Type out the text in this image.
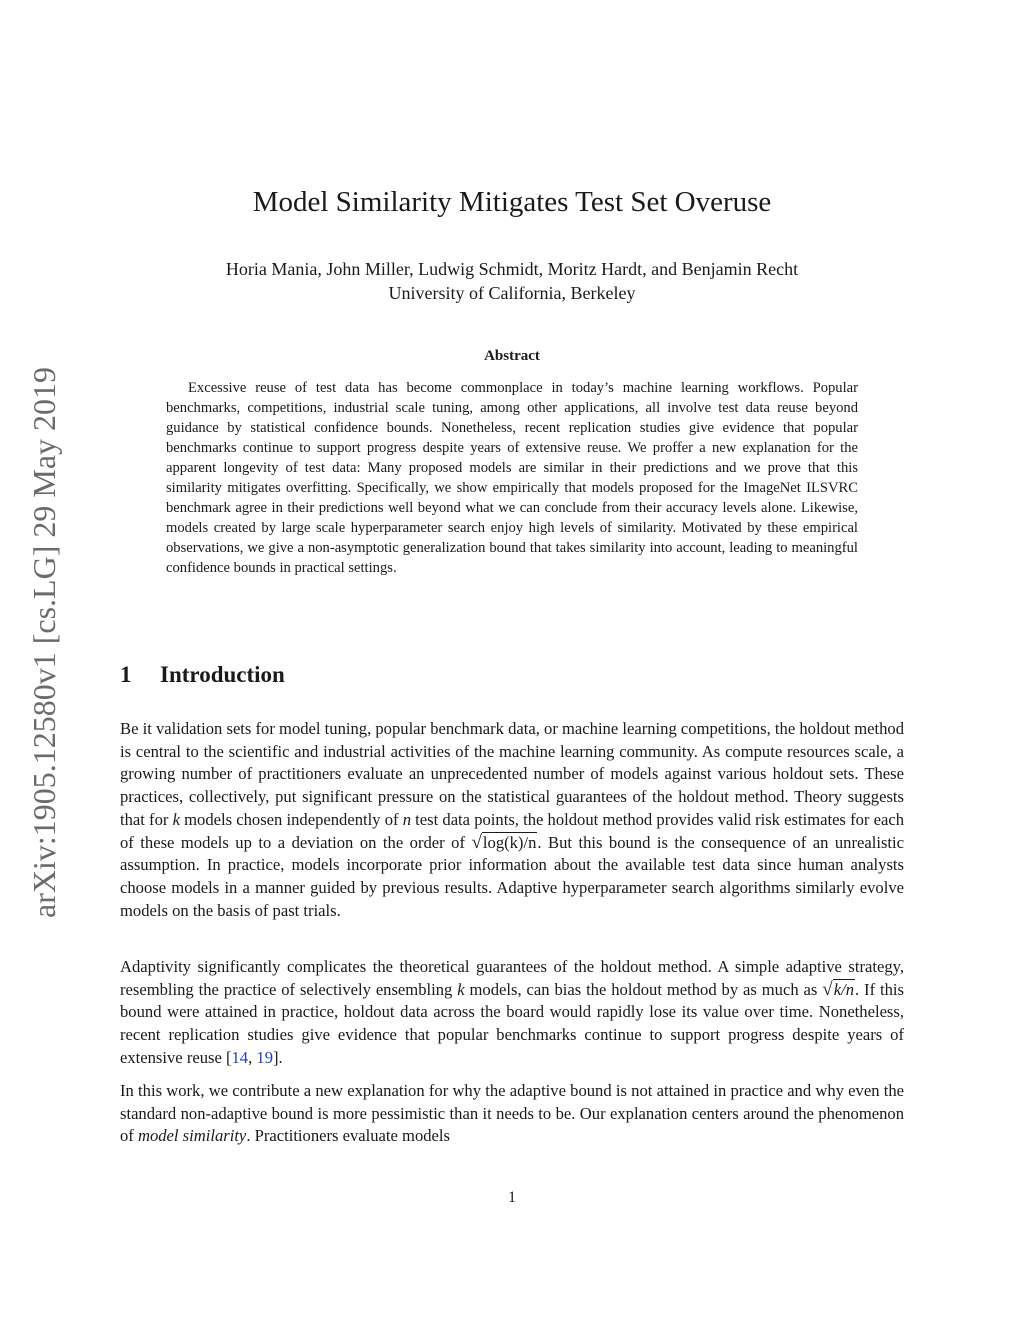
arXiv:1905.12580v1 [cs.LG] 29 May 2019
Model Similarity Mitigates Test Set Overuse
Horia Mania, John Miller, Ludwig Schmidt, Moritz Hardt, and Benjamin Recht
University of California, Berkeley
Abstract

Excessive reuse of test data has become commonplace in today’s machine learning workflows. Popular benchmarks, competitions, industrial scale tuning, among other applications, all involve test data reuse beyond guidance by statistical confidence bounds. Nonetheless, recent replication studies give evidence that popular benchmarks continue to support progress despite years of extensive reuse. We proffer a new explanation for the apparent longevity of test data: Many proposed models are similar in their predictions and we prove that this similarity mitigates overfitting. Specifically, we show empirically that models proposed for the ImageNet ILSVRC benchmark agree in their predictions well beyond what we can conclude from their accuracy levels alone. Likewise, models created by large scale hyperparameter search enjoy high levels of similarity. Motivated by these empirical observations, we give a non-asymptotic generalization bound that takes similarity into account, leading to meaningful confidence bounds in practical settings.

1 Introduction

Be it validation sets for model tuning, popular benchmark data, or machine learning competitions, the holdout method is central to the scientific and industrial activities of the machine learning community. As compute resources scale, a growing number of practitioners evaluate an unprecedented number of models against various holdout sets. These practices, collectively, put significant pressure on the statistical guarantees of the holdout method. Theory suggests that for k models chosen independently of n test data points, the holdout method provides valid risk estimates for each of these models up to a deviation on the order of √log(k)/n. But this bound is the consequence of an unrealistic assumption. In practice, models incorporate prior information about the available test data since human analysts choose models in a manner guided by previous results. Adaptive hyperparameter search algorithms similarly evolve models on the basis of past trials.

Adaptivity significantly complicates the theoretical guarantees of the holdout method. A simple adaptive strategy, resembling the practice of selectively ensembling k models, can bias the holdout method by as much as √k/n. If this bound were attained in practice, holdout data across the board would rapidly lose its value over time. Nonetheless, recent replication studies give evidence that popular benchmarks continue to support progress despite years of extensive reuse [14, 19].

In this work, we contribute a new explanation for why the adaptive bound is not attained in practice and why even the standard non-adaptive bound is more pessimistic than it needs to be. Our explanation centers around the phenomenon of model similarity. Practitioners evaluate models

1
